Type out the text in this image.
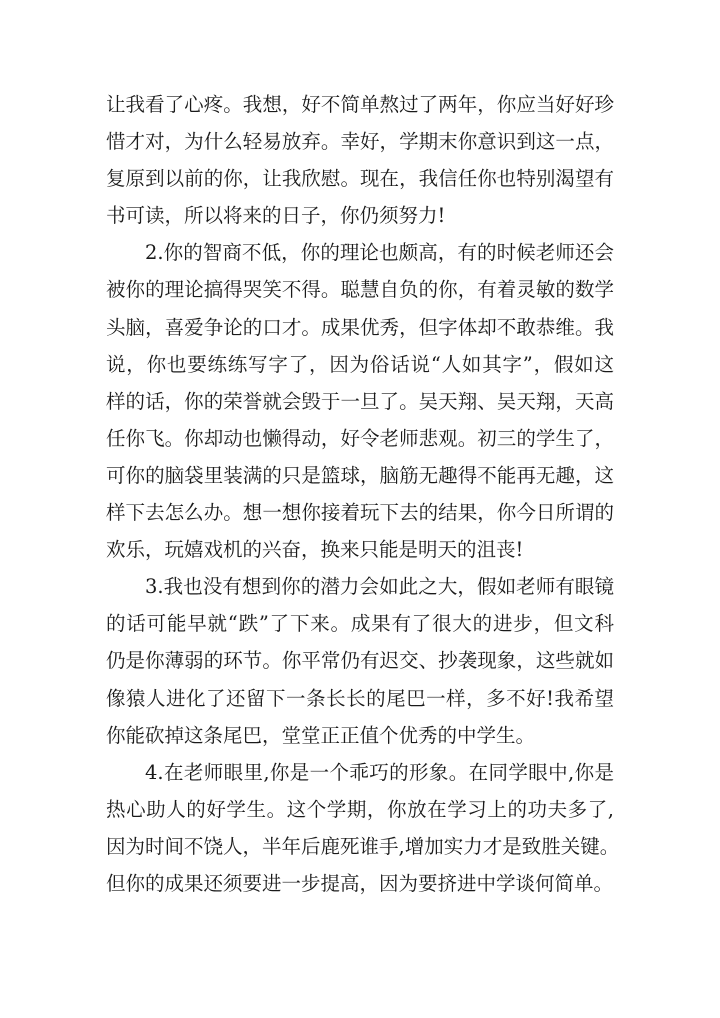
让我看了心疼。我想，好不简单熬过了两年，你应当好好珍
惜才对，为什么轻易放弃。幸好，学期末你意识到这一点，
复原到以前的你，让我欣慰。现在，我信任你也特别渴望有
书可读，所以将来的日子，你仍须努力!
2.你的智商不低，你的理论也颇高，有的时候老师还会
被你的理论搞得哭笑不得。聪慧自负的你，有着灵敏的数学
头脑，喜爱争论的口才。成果优秀，但字体却不敢恭维。我
说，你也要练练写字了，因为俗话说“人如其字”，假如这
样的话，你的荣誉就会毁于一旦了。吴天翔、吴天翔，天高
任你飞。你却动也懒得动，好令老师悲观。初三的学生了，
可你的脑袋里装满的只是篮球，脑筋无趣得不能再无趣，这
样下去怎么办。想一想你接着玩下去的结果，你今日所谓的
欢乐，玩嬉戏机的兴奋，换来只能是明天的沮丧!
3.我也没有想到你的潜力会如此之大，假如老师有眼镜
的话可能早就“跌”了下来。成果有了很大的进步，但文科
仍是你薄弱的环节。你平常仍有迟交、抄袭现象，这些就如
像猿人进化了还留下一条长长的尾巴一样，多不好!我希望
你能砍掉这条尾巴，堂堂正正值个优秀的中学生。
4.在老师眼里,你是一个乖巧的形象。在同学眼中,你是
热心助人的好学生。这个学期，你放在学习上的功夫多了,
因为时间不饶人，半年后鹿死谁手,增加实力才是致胜关键。
但你的成果还须要进一步提高，因为要挤进中学谈何简单。
